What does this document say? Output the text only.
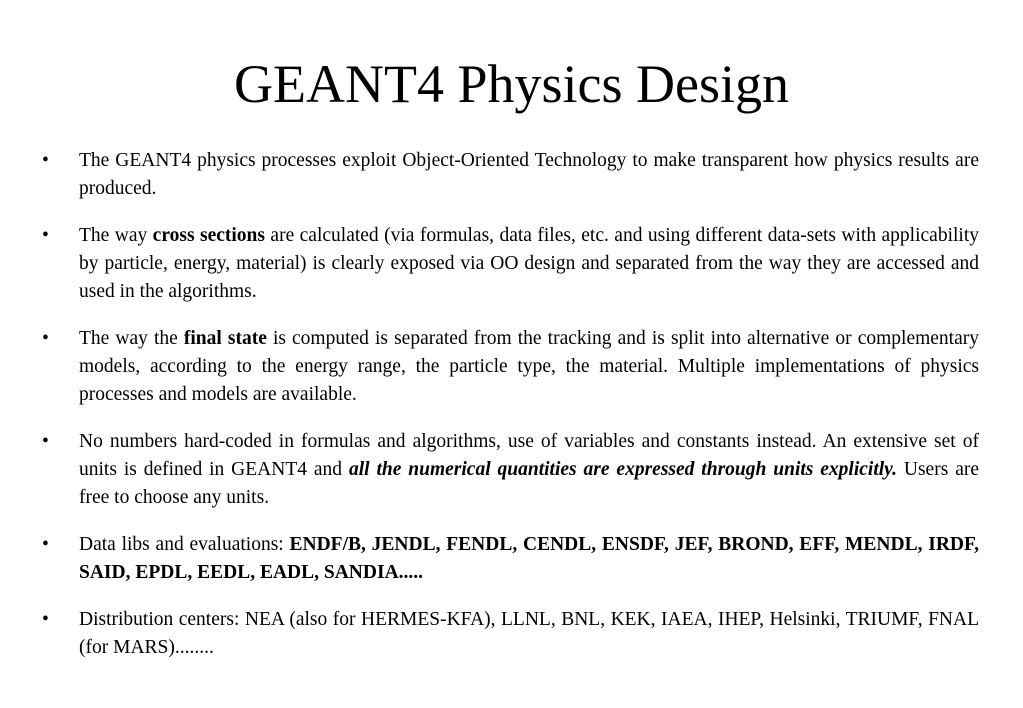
GEANT4 Physics Design
• The GEANT4 physics processes exploit Object-Oriented Technology to make transparent how physics results are produced.
• The way cross sections are calculated (via formulas, data files, etc. and using different data-sets with applicability by particle, energy, material) is clearly exposed via OO design and separated from the way they are accessed and used in the algorithms.
• The way the final state is computed is separated from the tracking and is split into alternative or complementary models, according to the energy range, the particle type, the material. Multiple implementations of physics processes and models are available.
• No numbers hard-coded in formulas and algorithms, use of variables and constants instead. An extensive set of units is defined in GEANT4 and all the numerical quantities are expressed through units explicitly. Users are free to choose any units.
• Data libs and evaluations: ENDF/B, JENDL, FENDL, CENDL, ENSDF, JEF, BROND, EFF, MENDL, IRDF, SAID, EPDL, EEDL, EADL, SANDIA.....
• Distribution centers: NEA (also for HERMES-KFA), LLNL, BNL, KEK, IAEA, IHEP, Helsinki, TRIUMF, FNAL (for MARS)........
